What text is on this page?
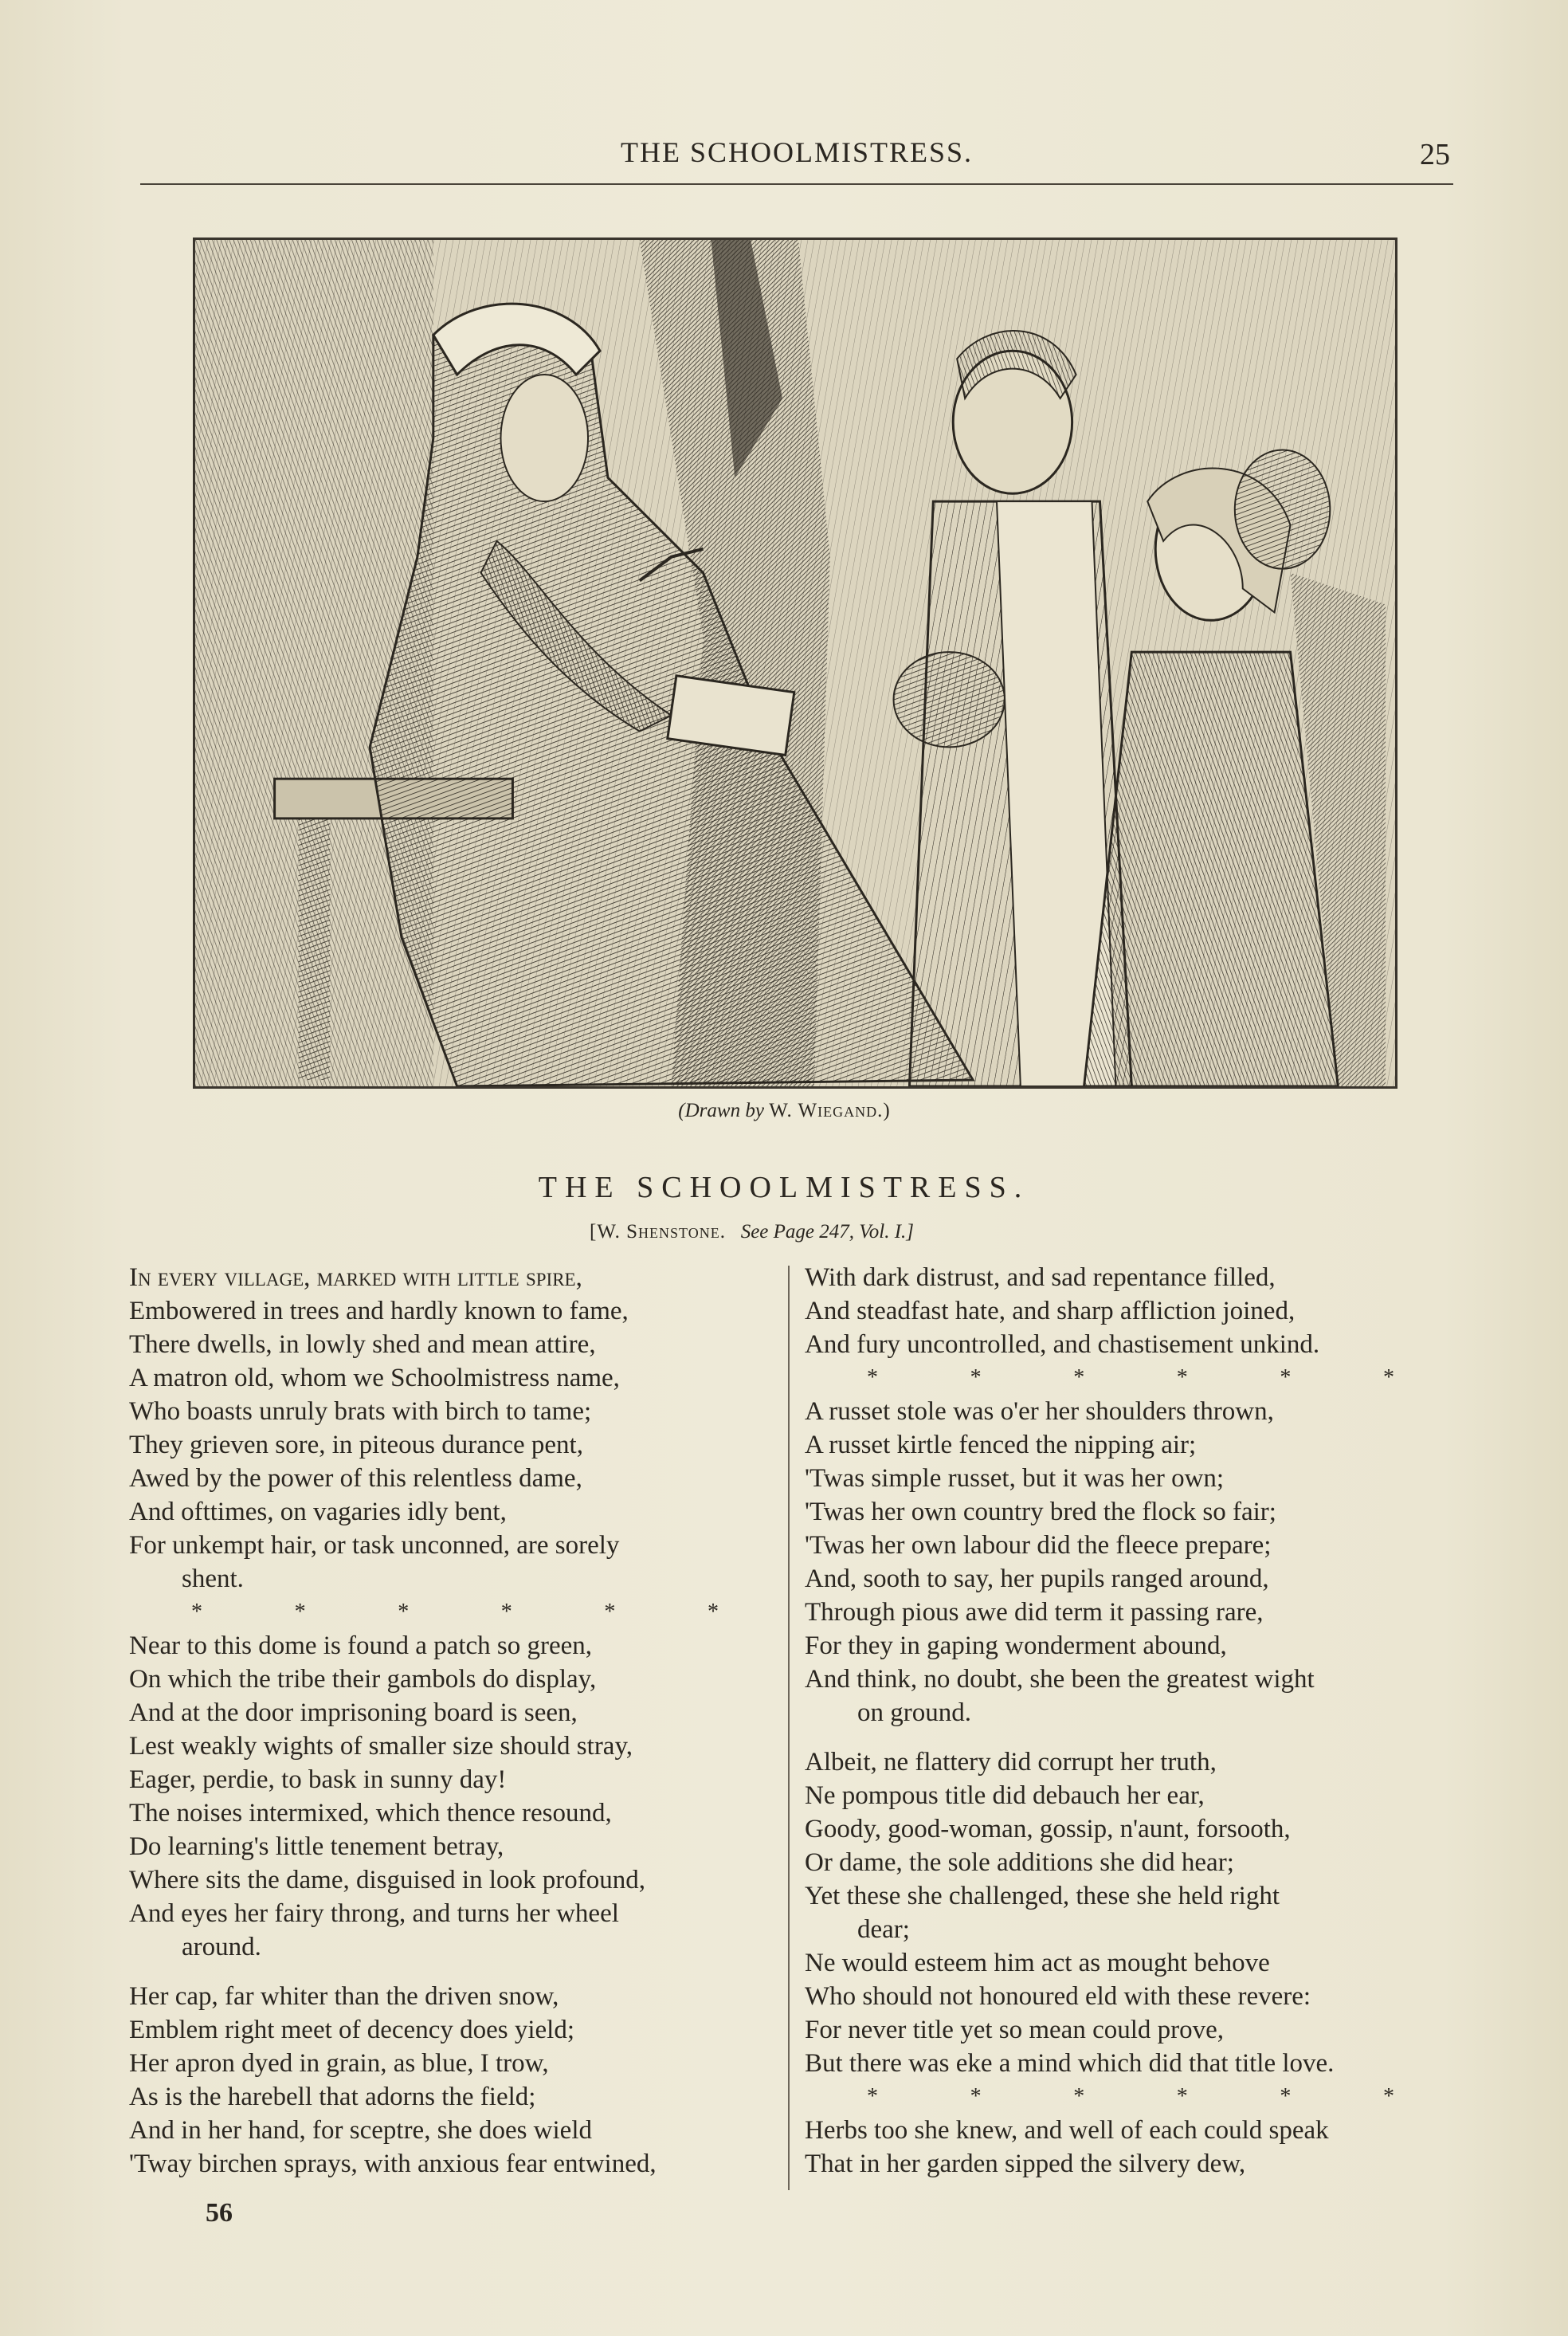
THE SCHOOLMISTRESS.	25
(Drawn by W. Wiegand.)
THE SCHOOLMISTRESS.
[W. Shenstone. See Page 247, Vol. I.]
In every village, marked with little spire,
Embowered in trees and hardly known to fame,
There dwells, in lowly shed and mean attire,
A matron old, whom we Schoolmistress name,
Who boasts unruly brats with birch to tame;
They grieven sore, in piteous durance pent,
Awed by the power of this relentless dame,
And ofttimes, on vagaries idly bent,
For unkempt hair, or task unconned, are sorely
shent.
*	*	*	*	*	*
Near to this dome is found a patch so green,
On which the tribe their gambols do display,
And at the door imprisoning board is seen,
Lest weakly wights of smaller size should stray,
Eager, perdie, to bask in sunny day!
The noises intermixed, which thence resound,
Do learning's little tenement betray,
Where sits the dame, disguised in look profound,
And eyes her fairy throng, and turns her wheel
around.
Her cap, far whiter than the driven snow,
Emblem right meet of decency does yield;
Her apron dyed in grain, as blue, I trow,
As is the harebell that adorns the field;
And in her hand, for sceptre, she does wield
'Tway birchen sprays, with anxious fear entwined,
With dark distrust, and sad repentance filled,
And steadfast hate, and sharp affliction joined,
And fury uncontrolled, and chastisement unkind.
*	*	*	*	*	*
A russet stole was o'er her shoulders thrown,
A russet kirtle fenced the nipping air;
'Twas simple russet, but it was her own;
'Twas her own country bred the flock so fair;
'Twas her own labour did the fleece prepare;
And, sooth to say, her pupils ranged around,
Through pious awe did term it passing rare,
For they in gaping wonderment abound,
And think, no doubt, she been the greatest wight
on ground.
Albeit, ne flattery did corrupt her truth,
Ne pompous title did debauch her ear,
Goody, good-woman, gossip, n'aunt, forsooth,
Or dame, the sole additions she did hear;
Yet these she challenged, these she held right
dear;
Ne would esteem him act as mought behove
Who should not honoured eld with these revere:
For never title yet so mean could prove,
But there was eke a mind which did that title love.
*	*	*	*	*	*
Herbs too she knew, and well of each could speak
That in her garden sipped the silvery dew,
56
